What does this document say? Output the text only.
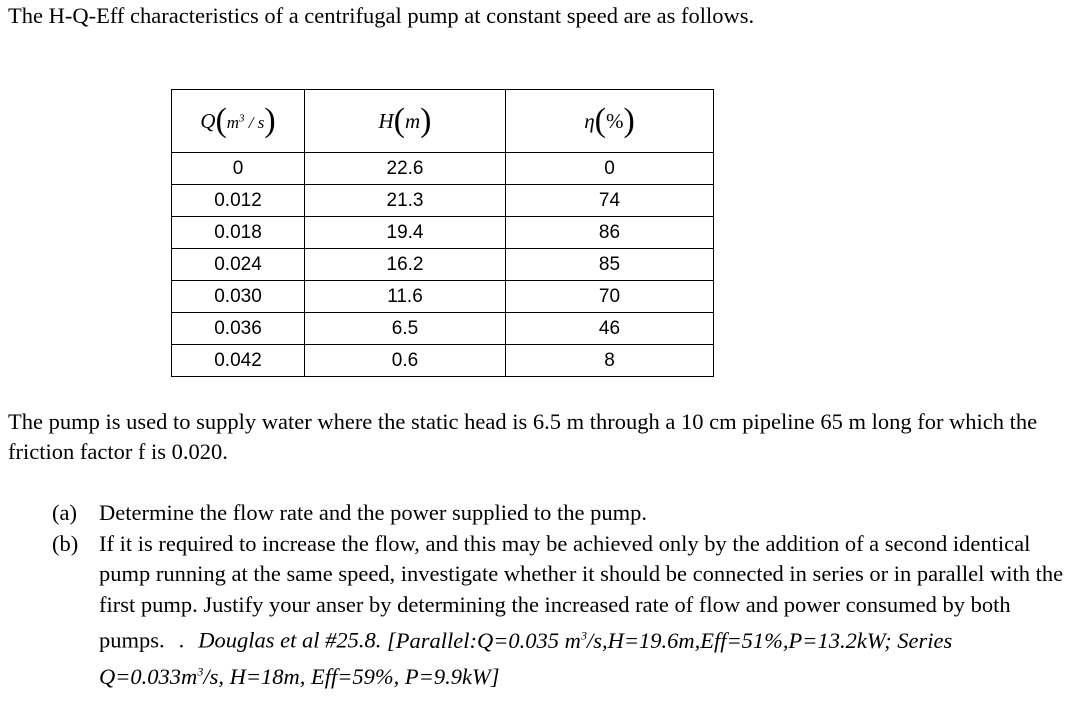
The H-Q-Eff characteristics of a centrifugal pump at constant speed are as follows.
$Q(m^3 / s)$	H(m)	η(%)
0	22.6	0
0.012	21.3	74
0.018	19.4	86
0.024	16.2	85
0.030	11.6	70
0.036	6.5	46
0.042	0.6	8
The pump is used to supply water where the static head is 6.5 m through a 10 cm pipeline 65 m long for which the friction factor f is 0.020.
(a) Determine the flow rate and the power supplied to the pump.
(b) If it is required to increase the flow, and this may be achieved only by the addition of a second identical pump running at the same speed, investigate whether it should be connected in series or in parallel with the first pump. Justify your anser by determining the increased rate of flow and power consumed by both pumps. . Douglas et al #25.8. [Parallel:Q=0.035 $m^3/s,H=19.6m,Eff=51\%,P=13.2kW$; Series $Q=0.033m^3/s$, H=18m, Eff=59%, P=9.9kW]
